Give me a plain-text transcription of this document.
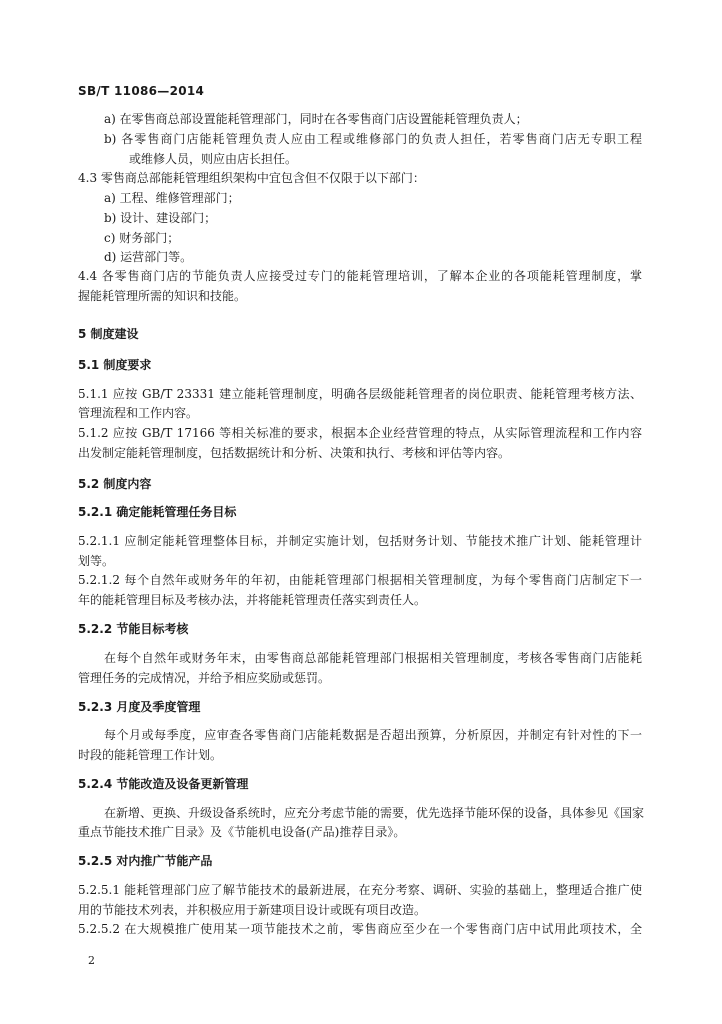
SB/T 11086—2014
a) 在零售商总部设置能耗管理部门，同时在各零售商门店设置能耗管理负责人；
b) 各零售商门店能耗管理负责人应由工程或维修部门的负责人担任，若零售商门店无专职工程
或维修人员，则应由店长担任。
4.3 零售商总部能耗管理组织架构中宜包含但不仅限于以下部门：
a) 工程、维修管理部门；
b) 设计、建设部门；
c) 财务部门；
d) 运营部门等。
4.4 各零售商门店的节能负责人应接受过专门的能耗管理培训，了解本企业的各项能耗管理制度，掌
握能耗管理所需的知识和技能。
5 制度建设
5.1 制度要求
5.1.1 应按 GB/T 23331 建立能耗管理制度，明确各层级能耗管理者的岗位职责、能耗管理考核方法、
管理流程和工作内容。
5.1.2 应按 GB/T 17166 等相关标准的要求，根据本企业经营管理的特点，从实际管理流程和工作内容
出发制定能耗管理制度，包括数据统计和分析、决策和执行、考核和评估等内容。
5.2 制度内容
5.2.1 确定能耗管理任务目标
5.2.1.1 应制定能耗管理整体目标，并制定实施计划，包括财务计划、节能技术推广计划、能耗管理计
划等。
5.2.1.2 每个自然年或财务年的年初，由能耗管理部门根据相关管理制度，为每个零售商门店制定下一
年的能耗管理目标及考核办法，并将能耗管理责任落实到责任人。
5.2.2 节能目标考核
在每个自然年或财务年末，由零售商总部能耗管理部门根据相关管理制度，考核各零售商门店能耗
管理任务的完成情况，并给予相应奖励或惩罚。
5.2.3 月度及季度管理
每个月或每季度，应审查各零售商门店能耗数据是否超出预算，分析原因，并制定有针对性的下一
时段的能耗管理工作计划。
5.2.4 节能改造及设备更新管理
在新增、更换、升级设备系统时，应充分考虑节能的需要，优先选择节能环保的设备，具体参见《国家
重点节能技术推广目录》及《节能机电设备(产品)推荐目录》。
5.2.5 对内推广节能产品
5.2.5.1 能耗管理部门应了解节能技术的最新进展，在充分考察、调研、实验的基础上，整理适合推广使
用的节能技术列表，并积极应用于新建项目设计或既有项目改造。
5.2.5.2 在大规模推广使用某一项节能技术之前，零售商应至少在一个零售商门店中试用此项技术，全
2
